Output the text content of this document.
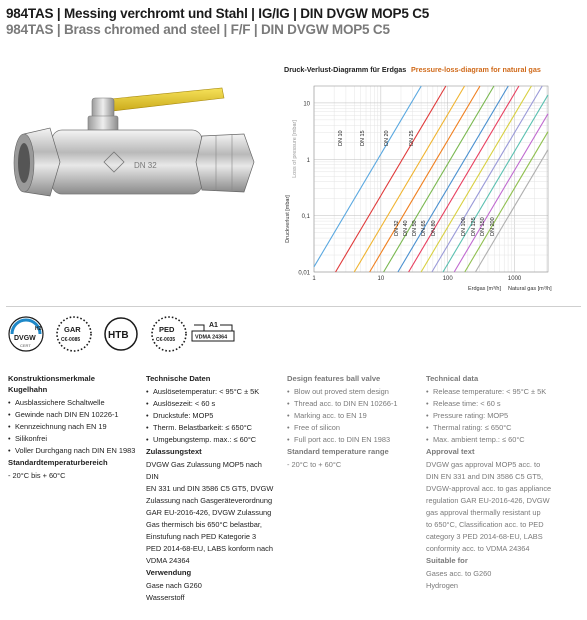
984TAS | Messing verchromt und Stahl | IG/IG | DIN DVGW MOP5 C5
984TAS | Brass chromed and steel | F/F | DIN DVGW MOP5 C5
DN 32
Druck-Verlust-Diagramm für Erdgas Pressure-loss-diagram for natural gas
10
1
0,1
0,01
1	10	100	1000
Druckverlust [mbar]
Loss of pressure [mbar]
Erdgas [m³/h] Natural gas [m³/h]
DN 10	DN 15	DN 20	DN 25
DN 32 DN 40 DN 50 DN 65 DN 80	DN 100 DN 125 DN 150 DN 200
H2
DVGW
CERT
GAR
C€-0085	HTB
PED
C€-0035
A1
VDMA 24364
Konstruktionsmerkmale Kugelhahn
• Ausblassichere Schaltwelle
• Gewinde nach DIN EN 10226-1
• Kennzeichnung nach EN 19
• Silikonfrei
• Voller Durchgang nach DIN EN 1983
Standardtemperaturbereich

- 20°C bis + 60°C

Technische Daten
• Auslösetemperatur: < 95°C ± 5K
• Auslösezeit: < 60 s
• Druckstufe: MOP5
• Therm. Belastbarkeit: ≤ 650°C
• Umgebungstemp. max.: ≤ 60°C
Zulassungstext

DVGW Gas Zulassung MOP5 nach DIN

EN 331 und DIN 3586 C5 GT5, DVGW

Zulassung nach Gasgeräteverordnung

GAR EU-2016-426, DVGW Zulassung

Gas thermisch bis 650°C belastbar,

Einstufung nach PED Kategorie 3

PED 2014-68-EU, LABS konform nach

VDMA 24364

Verwendung

Gase nach G260

Wasserstoff

Design features ball valve
• Blow out proved stem design
• Thread acc. to DIN EN 10266-1
• Marking acc. to EN 19
• Free of silicon
• Full port acc. to DIN EN 1983
Standard temperature range

- 20°C to + 60°C

Technical data
• Release temperature: < 95°C ± 5K
• Release time: < 60 s
• Pressure rating: MOP5
• Thermal rating: ≤ 650°C
• Max. ambient temp.: ≤ 60°C
Approval text

DVGW gas approval MOP5 acc. to

DIN EN 331 and DIN 3586 C5 GT5,

DVGW-approval acc. to gas appliance

regulation GAR EU-2016-426, DVGW

gas approval thermally resistant up

to 650°C, Classification acc. to PED

category 3 PED 2014-68-EU, LABS

conformity acc. to VDMA 24364

Suitable for

Gases acc. to G260

Hydrogen
